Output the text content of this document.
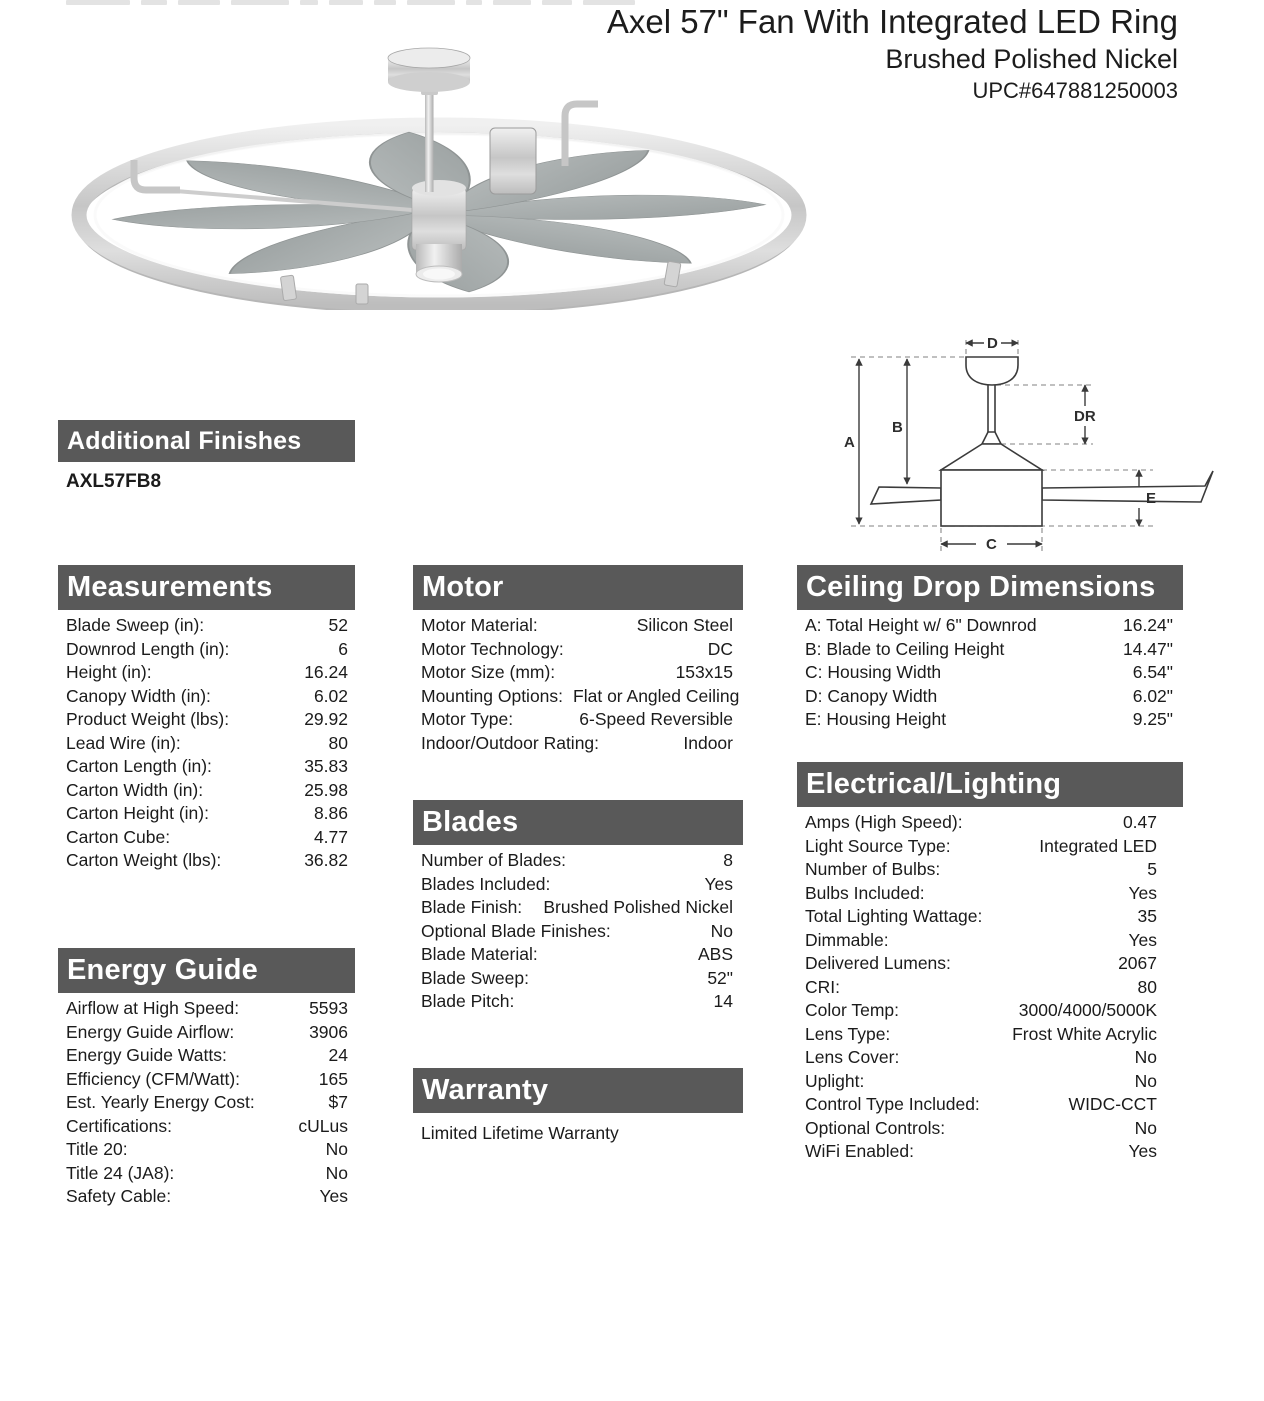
Axel 57" Fan With Integrated LED Ring
Brushed Polished Nickel
UPC#647881250003
A
B
C
D
E
DR
Additional Finishes

AXL57FB8

Measurements
Blade Sweep (in):	52
Downrod Length (in):	6
Height (in):	16.24
Canopy Width (in):	6.02
Product Weight (lbs):	29.92
Lead Wire (in):	80
Carton Length (in):	35.83
Carton Width (in):	25.98
Carton Height (in):	8.86
Carton Cube:	4.77
Carton Weight (lbs):	36.82
Energy Guide
Airflow at High Speed:	5593
Energy Guide Airflow:	3906
Energy Guide Watts:	24
Efficiency (CFM/Watt):	165
Est. Yearly Energy Cost:	$7
Certifications:	cULus
Title 20:	No
Title 24 (JA8):	No
Safety Cable:	Yes
Motor
Motor Material:	Silicon Steel
Motor Technology:	DC
Motor Size (mm):	153x15
Mounting Options: Flat or Angled Ceiling
Motor Type:	6-Speed Reversible
Indoor/Outdoor Rating:	Indoor
Blades
Number of Blades:	8
Blades Included:	Yes
Blade Finish:	Brushed Polished Nickel
Optional Blade Finishes:	No
Blade Material:	ABS
Blade Sweep:	52"
Blade Pitch:	14
Warranty

Limited Lifetime Warranty

Ceiling Drop Dimensions
A: Total Height w/ 6" Downrod	16.24"
B: Blade to Ceiling Height	14.47"
C: Housing Width	6.54"
D: Canopy Width	6.02"
E: Housing Height	9.25"
Electrical/Lighting
Amps (High Speed):	0.47
Light Source Type:	Integrated LED
Number of Bulbs:	5
Bulbs Included:	Yes
Total Lighting Wattage:	35
Dimmable:	Yes
Delivered Lumens:	2067
CRI:	80
Color Temp:	3000/4000/5000K
Lens Type:	Frost White Acrylic
Lens Cover:	No
Uplight:	No
Control Type Included:	WIDC-CCT
Optional Controls:	No
WiFi Enabled:	Yes
